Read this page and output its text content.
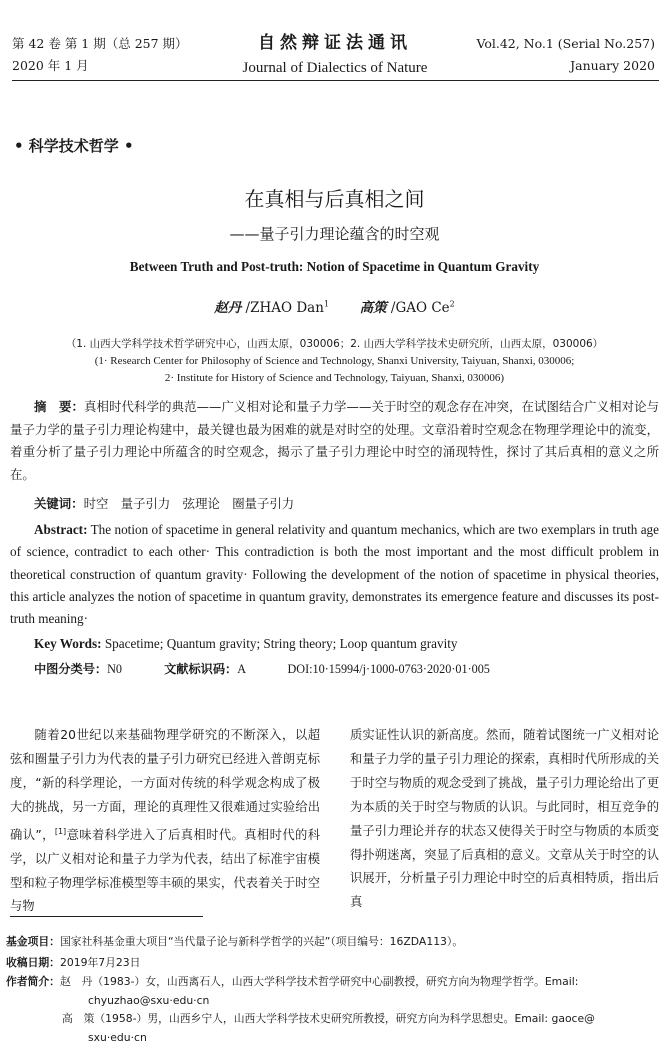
第 42 卷 第 1 期（总 257 期）
2020 年 1 月
自然辩证法通讯
Journal of Dialectics of Nature
Vol.42, No.1 (Serial No.257)
January 2020
• 科学技术哲学 •
在真相与后真相之间
——量子引力理论蕴含的时空观
Between Truth and Post-truth: Notion of Spacetime in Quantum Gravity
赵丹 /ZHAO Dan$^1$ 高策 /GAO Ce$^2$
（1. 山西大学科学技术哲学研究中心，山西太原，030006；2. 山西大学科学技术史研究所，山西太原，030006）
(1· Research Center for Philosophy of Science and Technology, Shanxi University, Taiyuan, Shanxi, 030006;
2· Institute for History of Science and Technology, Taiyuan, Shanxi, 030006)
摘　要：真相时代科学的典范——广义相对论和量子力学——关于时空的观念存在冲突，在试图结合广义相对论与量子力学的量子引力理论构建中，最关键也最为困难的就是对时空的处理。文章沿着时空观念在物理学理论中的流变，着重分析了量子引力理论中所蕴含的时空观念，揭示了量子引力理论中时空的涌现特性，探讨了其后真相的意义之所在。
关键词：时空　量子引力　弦理论　圈量子引力
Abstract: The notion of spacetime in general relativity and quantum mechanics, which are two exemplars in truth age of science, contradict to each other· This contradiction is both the most important and the most difficult problem in theoretical construction of quantum gravity· Following the development of the notion of spacetime in physical theories, this article analyzes the notion of spacetime in quantum gravity, demonstrates its emergence feature and discusses its post-truth meaning·
Key Words: Spacetime; Quantum gravity; String theory; Loop quantum gravity
中图分类号：N0	文献标识码：A	DOI:10·15994/j·1000-0763·2020·01·005
随着20世纪以来基础物理学研究的不断深入，以超弦和圈量子引力为代表的量子引力研究已经进入普朗克标度，“新的科学理论，一方面对传统的科学观念构成了极大的挑战，另一方面，理论的真理性又很难通过实验给出确认”，[1]意味着科学进入了后真相时代。真相时代的科学，以广义相对论和量子力学为代表，结出了标准宇宙模型和粒子物理学标准模型等丰硕的果实，代表着关于时空与物
质实证性认识的新高度。然而，随着试图统一广义相对论和量子力学的量子引力理论的探索，真相时代所形成的关于时空与物质的观念受到了挑战，量子引力理论给出了更为本质的关于时空与物质的认识。与此同时，相互竞争的量子引力理论并存的状态又使得关于时空与物质的本质变得扑朔迷离，突显了后真相的意义。文章从关于时空的认识展开，分析量子引力理论中时空的后真相特质，指出后真
基金项目：国家社科基金重大项目“当代量子论与新科学哲学的兴起”（项目编号：16ZDA113）。
收稿日期：2019年7月23日
作者简介：赵　丹（1983-）女，山西离石人，山西大学科学技术哲学研究中心副教授，研究方向为物理学哲学。Email:
chyuzhao@sxu·edu·cn
高　策（1958-）男，山西乡宁人，山西大学科学技术史研究所教授，研究方向为科学思想史。Email: gaoce@
sxu·edu·cn
